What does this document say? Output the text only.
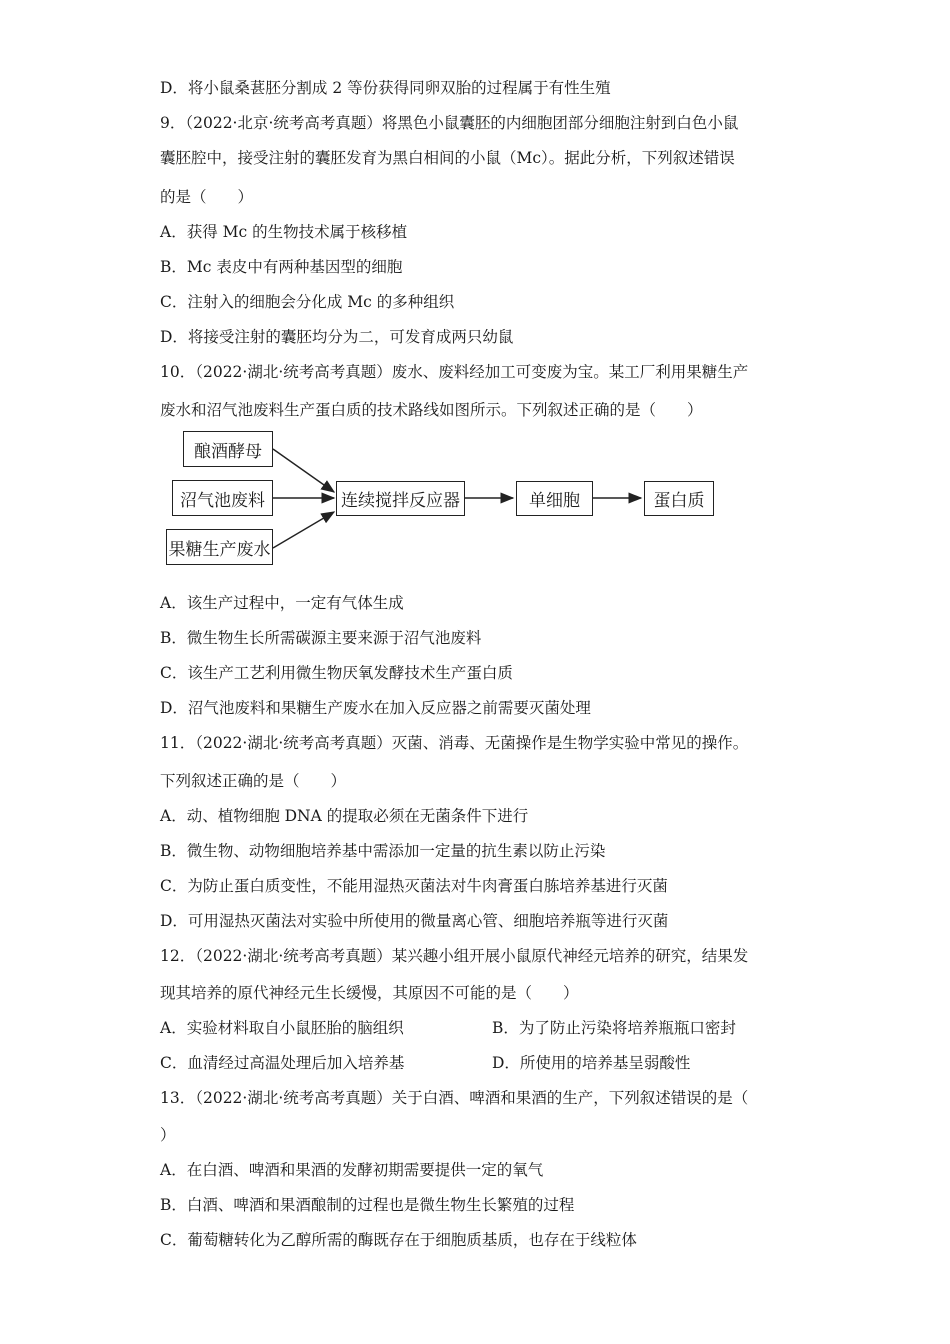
D．将小鼠桑葚胚分割成 2 等份获得同卵双胎的过程属于有性生殖
9．（2022·北京·统考高考真题）将黑色小鼠囊胚的内细胞团部分细胞注射到白色小鼠
囊胚腔中，接受注射的囊胚发育为黑白相间的小鼠（Mc）。据此分析，下列叙述错误
的是（　　）
A．获得 Mc 的生物技术属于核移植
B．Mc 表皮中有两种基因型的细胞
C．注射入的细胞会分化成 Mc 的多种组织
D．将接受注射的囊胚均分为二，可发育成两只幼鼠
10．（2022·湖北·统考高考真题）废水、废料经加工可变废为宝。某工厂利用果糖生产
废水和沼气池废料生产蛋白质的技术路线如图所示。下列叙述正确的是（　　）
酿酒酵母
沼气池废料
果糖生产废水
连续搅拌反应器	单细胞	蛋白质
A．该生产过程中，一定有气体生成
B．微生物生长所需碳源主要来源于沼气池废料
C．该生产工艺利用微生物厌氧发酵技术生产蛋白质
D．沼气池废料和果糖生产废水在加入反应器之前需要灭菌处理
11．（2022·湖北·统考高考真题）灭菌、消毒、无菌操作是生物学实验中常见的操作。
下列叙述正确的是（　　）
A．动、植物细胞 DNA 的提取必须在无菌条件下进行
B．微生物、动物细胞培养基中需添加一定量的抗生素以防止污染
C．为防止蛋白质变性，不能用湿热灭菌法对牛肉膏蛋白胨培养基进行灭菌
D．可用湿热灭菌法对实验中所使用的微量离心管、细胞培养瓶等进行灭菌
12．（2022·湖北·统考高考真题）某兴趣小组开展小鼠原代神经元培养的研究，结果发
现其培养的原代神经元生长缓慢，其原因不可能的是（　　）
A．实验材料取自小鼠胚胎的脑组织	B．为了防止污染将培养瓶瓶口密封
C．血清经过高温处理后加入培养基	D．所使用的培养基呈弱酸性
13．（2022·湖北·统考高考真题）关于白酒、啤酒和果酒的生产，下列叙述错误的是（
）
A．在白酒、啤酒和果酒的发酵初期需要提供一定的氧气
B．白酒、啤酒和果酒酿制的过程也是微生物生长繁殖的过程
C．葡萄糖转化为乙醇所需的酶既存在于细胞质基质，也存在于线粒体
